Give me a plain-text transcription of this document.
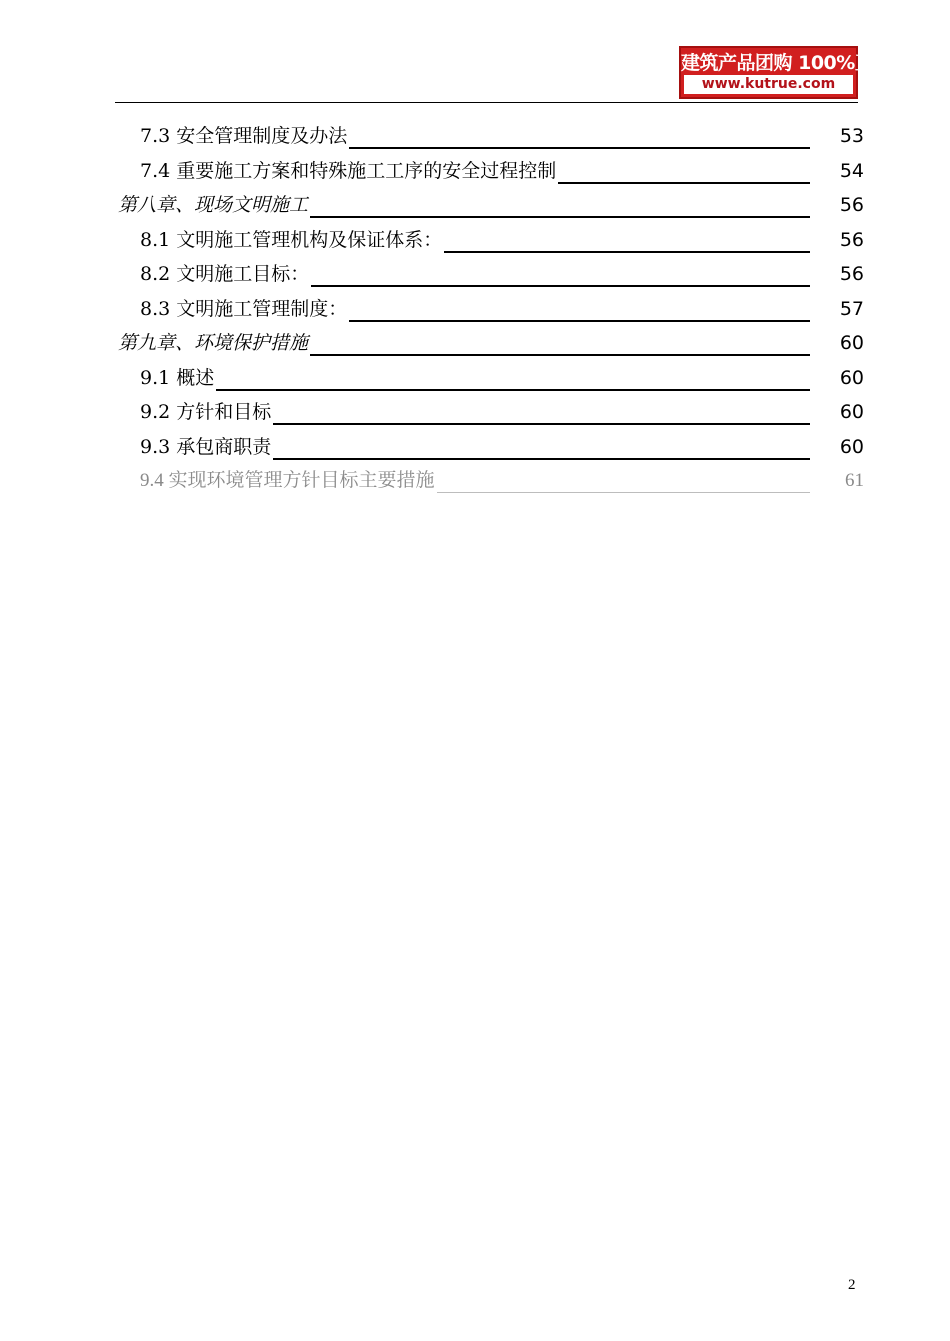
建筑产品团购 100%正品
www.kutrue.com
7.3 安全管理制度及办法	53
7.4 重要施工方案和特殊施工工序的安全过程控制	54
第八章、现场文明施工	56
8.1 文明施工管理机构及保证体系：	56
8.2 文明施工目标：	56
8.3 文明施工管理制度：	57
第九章、环境保护措施	60
9.1 概述	60
9.2 方针和目标	60
9.3 承包商职责	60
9.4 实现环境管理方针目标主要措施	61
2
